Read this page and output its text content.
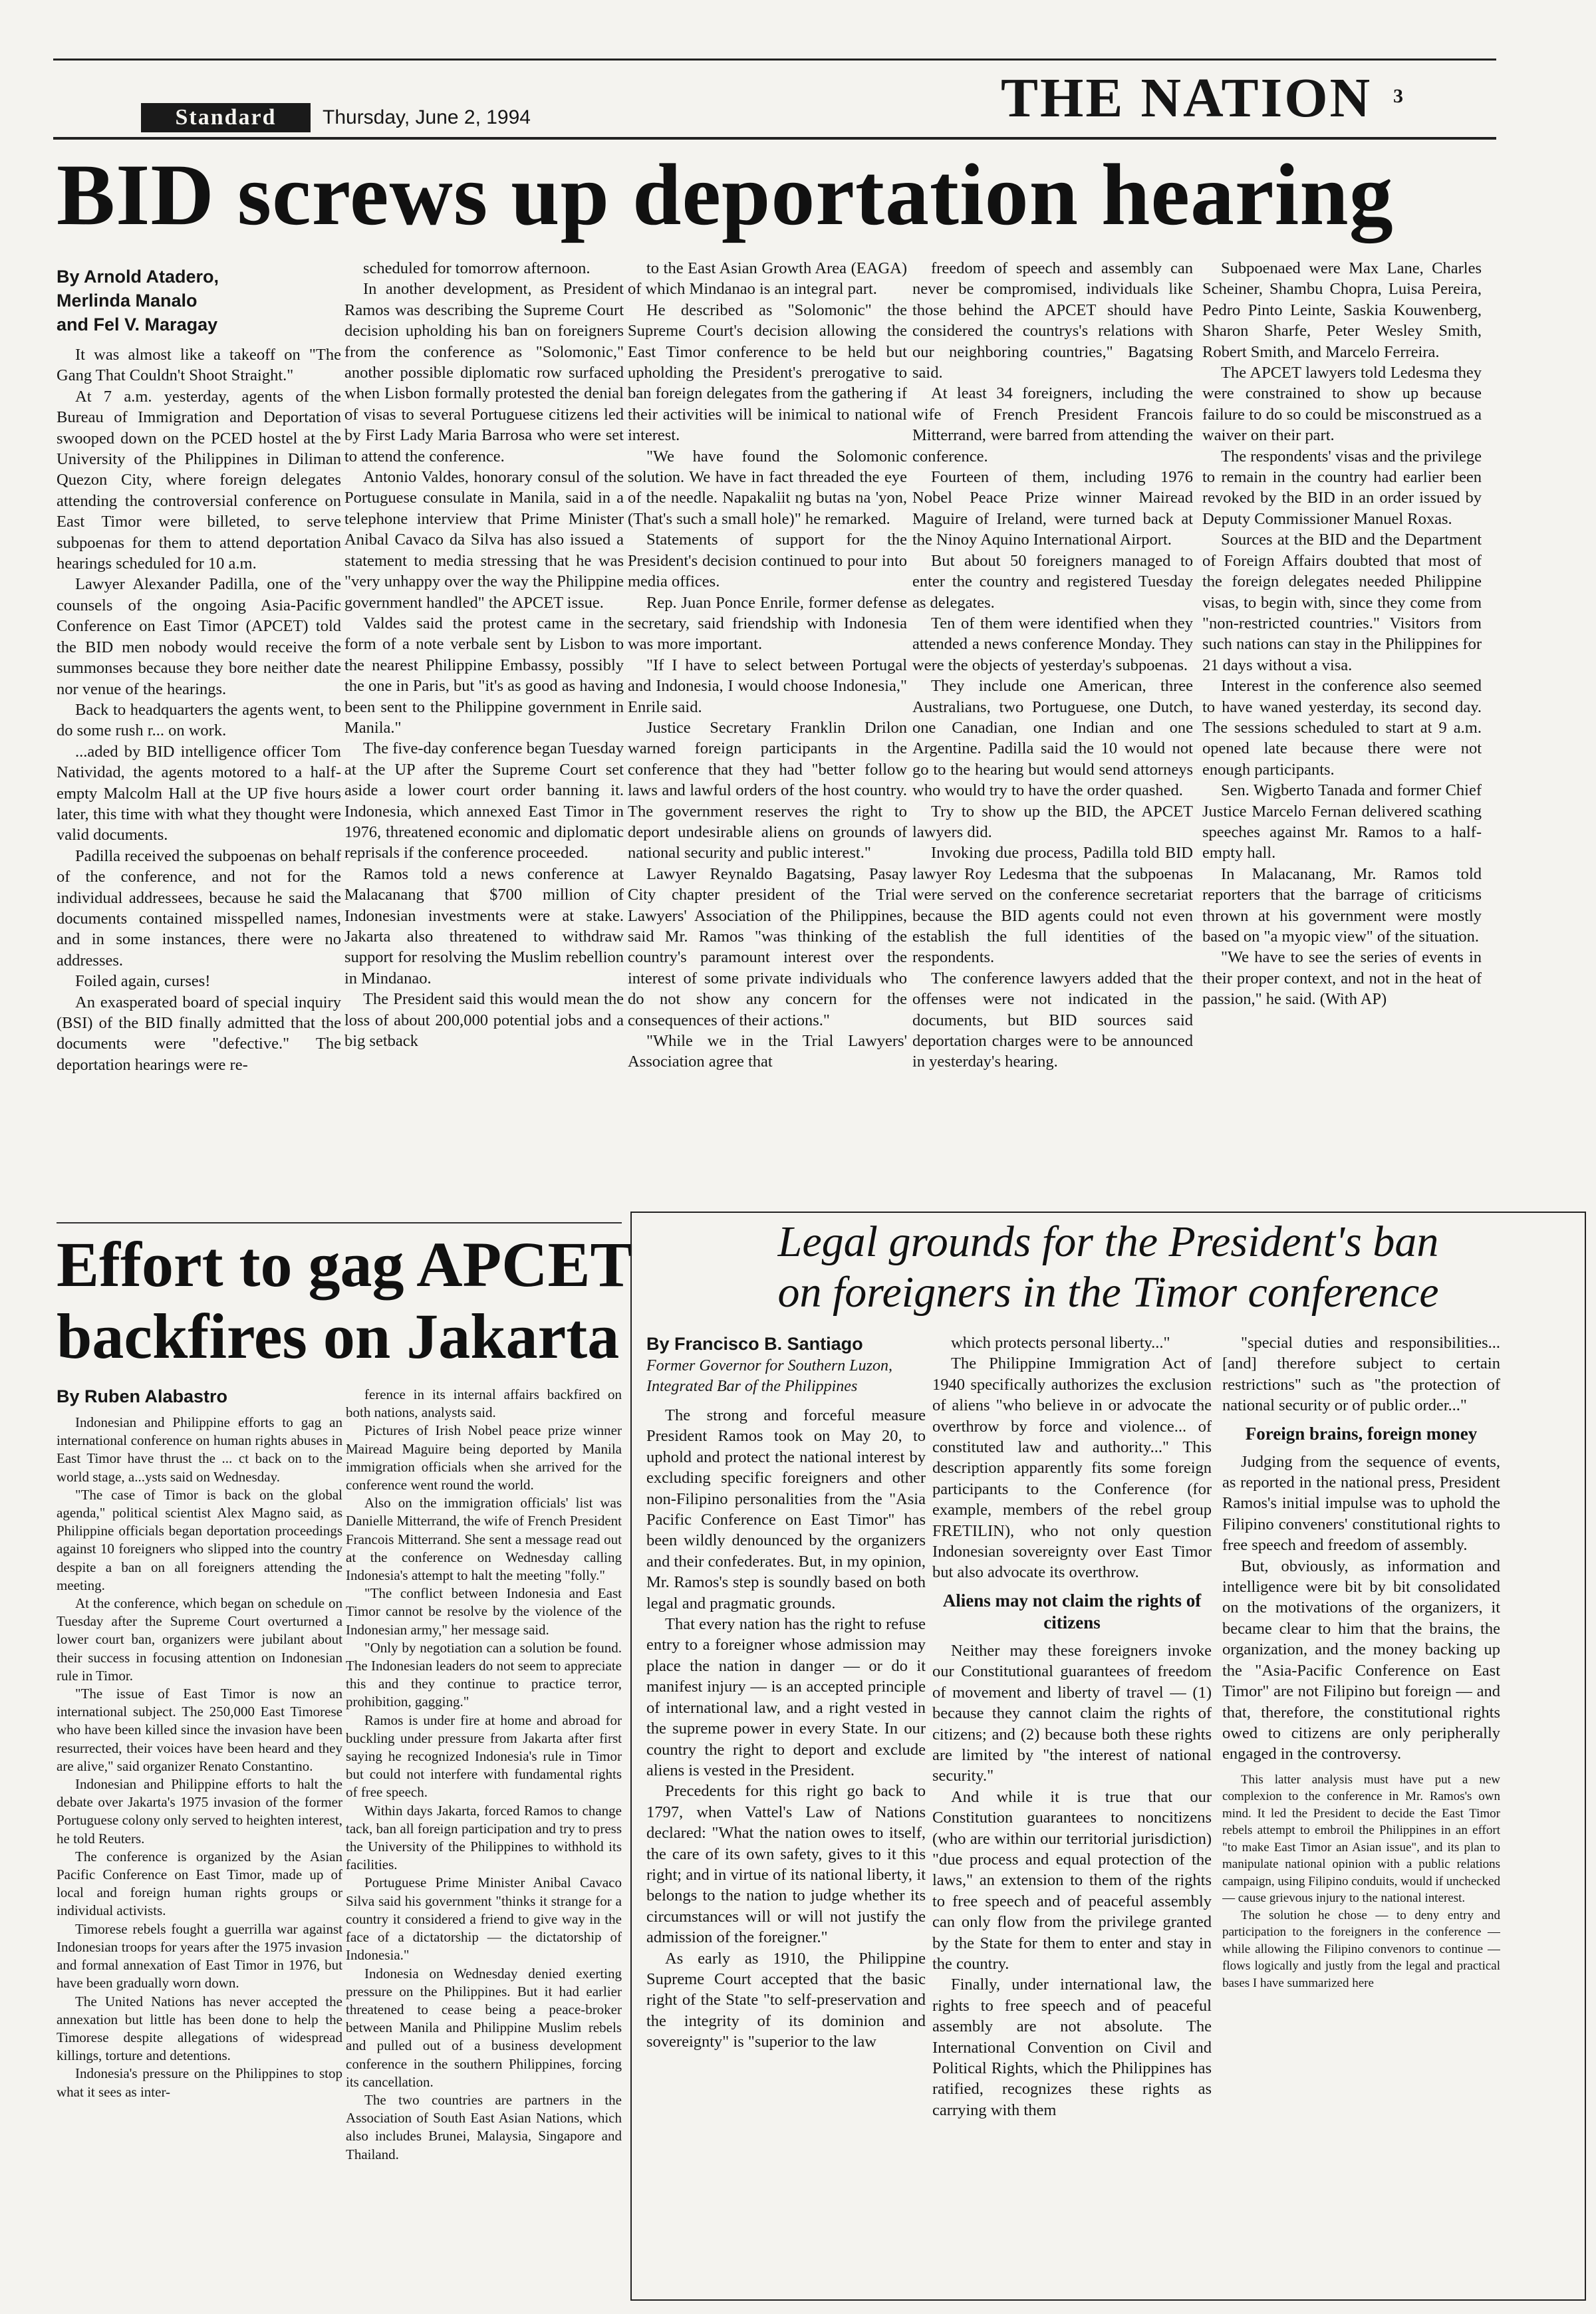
Standard	Thursday, June 2, 1994	THE NATION 3
BID screws up deportation hearing
By Arnold Atadero,
Merlinda Manalo
and Fel V. Maragay

It was almost like a takeoff on "The Gang That Couldn't Shoot Straight."

At 7 a.m. yesterday, agents of the Bureau of Immigration and Deportation swooped down on the PCED hostel at the University of the Philippines in Diliman Quezon City, where foreign delegates attending the controversial conference on East Timor were billeted, to serve subpoenas for them to attend deportation hearings scheduled for 10 a.m.

Lawyer Alexander Padilla, one of the counsels of the ongoing Asia-Pacific Conference on East Timor (APCET) told the BID men nobody would receive the summonses because they bore neither date nor venue of the hearings.

Back to headquarters the agents went, to do some rush r... on work.

...aded by BID intelligence officer Tom Natividad, the agents motored to a half-empty Malcolm Hall at the UP five hours later, this time with what they thought were valid documents.

Padilla received the subpoenas on behalf of the conference, and not for the individual addressees, because he said the documents contained misspelled names, and in some instances, there were no addresses.

Foiled again, curses!

An exasperated board of special inquiry (BSI) of the BID finally admitted that the documents were "defective." The deportation hearings were re-

scheduled for tomorrow afternoon.

In another development, as President Ramos was describing the Supreme Court decision upholding his ban on foreigners from the conference as "Solomonic," another possible diplomatic row surfaced when Lisbon formally protested the denial of visas to several Portuguese citizens led by First Lady Maria Barrosa who were set to attend the conference.

Antonio Valdes, honorary consul of the Portuguese consulate in Manila, said in a telephone interview that Prime Minister Anibal Cavaco da Silva has also issued a statement to media stressing that he was "very unhappy over the way the Philippine government handled" the APCET issue.

Valdes said the protest came in the form of a note verbale sent by Lisbon to the nearest Philippine Embassy, possibly the one in Paris, but "it's as good as having been sent to the Philippine government in Manila."

The five-day conference began Tuesday at the UP after the Supreme Court set aside a lower court order banning it. Indonesia, which annexed East Timor in 1976, threatened economic and diplomatic reprisals if the conference proceeded.

Ramos told a news conference at Malacanang that $700 million of Indonesian investments were at stake. Jakarta also threatened to withdraw support for resolving the Muslim rebellion in Mindanao.

The President said this would mean the loss of about 200,000 potential jobs and a big setback

to the East Asian Growth Area (EAGA) of which Mindanao is an integral part.

He described as "Solomonic" the Supreme Court's decision allowing the East Timor conference to be held but upholding the President's prerogative to ban foreign delegates from the gathering if their activities will be inimical to national interest.

"We have found the Solomonic solution. We have in fact threaded the eye of the needle. Napakaliit ng butas na 'yon, (That's such a small hole)" he remarked.

Statements of support for the President's decision continued to pour into media offices.

Rep. Juan Ponce Enrile, former defense secretary, said friendship with Indonesia was more important.

"If I have to select between Portugal and Indonesia, I would choose Indonesia," Enrile said.

Justice Secretary Franklin Drilon warned foreign participants in the conference that they had "better follow laws and lawful orders of the host country. The government reserves the right to deport undesirable aliens on grounds of national security and public interest."

Lawyer Reynaldo Bagatsing, Pasay City chapter president of the Trial Lawyers' Association of the Philippines, said Mr. Ramos "was thinking of the country's paramount interest over the interest of some private individuals who do not show any concern for the consequences of their actions."

"While we in the Trial Lawyers' Association agree that

freedom of speech and assembly can never be compromised, individuals like those behind the APCET should have considered the countrys's relations with our neighboring countries," Bagatsing said.

At least 34 foreigners, including the wife of French President Francois Mitterrand, were barred from attending the conference.

Fourteen of them, including 1976 Nobel Peace Prize winner Mairead Maguire of Ireland, were turned back at the Ninoy Aquino International Airport.

But about 50 foreigners managed to enter the country and registered Tuesday as delegates.

Ten of them were identified when they attended a news conference Monday. They were the objects of yesterday's subpoenas.

They include one American, three Australians, two Portuguese, one Dutch, one Canadian, one Indian and one Argentine. Padilla said the 10 would not go to the hearing but would send attorneys who would try to have the order quashed.

Try to show up the BID, the APCET lawyers did.

Invoking due process, Padilla told BID lawyer Roy Ledesma that the subpoenas were served on the conference secretariat because the BID agents could not even establish the full identities of the respondents.

The conference lawyers added that the offenses were not indicated in the documents, but BID sources said deportation charges were to be announced in yesterday's hearing.

Subpoenaed were Max Lane, Charles Scheiner, Shambu Chopra, Luisa Pereira, Pedro Pinto Leinte, Saskia Kouwenberg, Sharon Sharfe, Peter Wesley Smith, Robert Smith, and Marcelo Ferreira.

The APCET lawyers told Ledesma they were constrained to show up because failure to do so could be misconstrued as a waiver on their part.

The respondents' visas and the privilege to remain in the country had earlier been revoked by the BID in an order issued by Deputy Commissioner Manuel Roxas.

Sources at the BID and the Department of Foreign Affairs doubted that most of the foreign delegates needed Philippine visas, to begin with, since they come from "non-restricted countries." Visitors from such nations can stay in the Philippines for 21 days without a visa.

Interest in the conference also seemed to have waned yesterday, its second day. The sessions scheduled to start at 9 a.m. opened late because there were not enough participants.

Sen. Wigberto Tanada and former Chief Justice Marcelo Fernan delivered scathing speeches against Mr. Ramos to a half-empty hall.

In Malacanang, Mr. Ramos told reporters that the barrage of criticisms thrown at his government were mostly based on "a myopic view" of the situation.

"We have to see the series of events in their proper context, and not in the heat of passion," he said. (With AP)

Effort to gag APCET
backfires on Jakarta
By Ruben Alabastro

Indonesian and Philippine efforts to gag an international conference on human rights abuses in East Timor have thrust the ... ct back on to the world stage, a...ysts said on Wednesday.

"The case of Timor is back on the global agenda," political scientist Alex Magno said, as Philippine officials began deportation proceedings against 10 foreigners who slipped into the country despite a ban on all foreigners attending the meeting.

At the conference, which began on schedule on Tuesday after the Supreme Court overturned a lower court ban, organizers were jubilant about their success in focusing attention on Indonesian rule in Timor.

"The issue of East Timor is now an international subject. The 250,000 East Timorese who have been killed since the invasion have been resurrected, their voices have been heard and they are alive," said organizer Renato Constantino.

Indonesian and Philippine efforts to halt the debate over Jakarta's 1975 invasion of the former Portuguese colony only served to heighten interest, he told Reuters.

The conference is organized by the Asian Pacific Conference on East Timor, made up of local and foreign human rights groups or individual activists.

Timorese rebels fought a guerrilla war against Indonesian troops for years after the 1975 invasion and formal annexation of East Timor in 1976, but have been gradually worn down.

The United Nations has never accepted the annexation but little has been done to help the Timorese despite allegations of widespread killings, torture and detentions.

Indonesia's pressure on the Philippines to stop what it sees as inter-

ference in its internal affairs backfired on both nations, analysts said.

Pictures of Irish Nobel peace prize winner Mairead Maguire being deported by Manila immigration officials when she arrived for the conference went round the world.

Also on the immigration officials' list was Danielle Mitterrand, the wife of French President Francois Mitterrand. She sent a message read out at the conference on Wednesday calling Indonesia's attempt to halt the meeting "folly."

"The conflict between Indonesia and East Timor cannot be resolve by the violence of the Indonesian army," her message said.

"Only by negotiation can a solution be found. The Indonesian leaders do not seem to appreciate this and they continue to practice terror, prohibition, gagging."

Ramos is under fire at home and abroad for buckling under pressure from Jakarta after first saying he recognized Indonesia's rule in Timor but could not interfere with fundamental rights of free speech.

Within days Jakarta, forced Ramos to change tack, ban all foreign participation and try to press the University of the Philippines to withhold its facilities.

Portuguese Prime Minister Anibal Cavaco Silva said his government "thinks it strange for a country it considered a friend to give way in the face of a dictatorship — the dictatorship of Indonesia."

Indonesia on Wednesday denied exerting pressure on the Philippines. But it had earlier threatened to cease being a peace-broker between Manila and Philippine Muslim rebels and pulled out of a business development conference in the southern Philippines, forcing its cancellation.

The two countries are partners in the Association of South East Asian Nations, which also includes Brunei, Malaysia, Singapore and Thailand.

Legal grounds for the President's ban
on foreigners in the Timor conference
By Francisco B. Santiago
Former Governor for Southern Luzon,
Integrated Bar of the Philippines

The strong and forceful measure President Ramos took on May 20, to uphold and protect the national interest by excluding specific foreigners and other non-Filipino personalities from the "Asia Pacific Conference on East Timor" has been wildly denounced by the organizers and their confederates. But, in my opinion, Mr. Ramos's step is soundly based on both legal and pragmatic grounds.

That every nation has the right to refuse entry to a foreigner whose admission may place the nation in danger — or do it manifest injury — is an accepted principle of international law, and a right vested in the supreme power in every State. In our country the right to deport and exclude aliens is vested in the President.

Precedents for this right go back to 1797, when Vattel's Law of Nations declared: "What the nation owes to itself, the care of its own safety, gives to it this right; and in virtue of its national liberty, it belongs to the nation to judge whether its circumstances will or will not justify the admission of the foreigner."

As early as 1910, the Philippine Supreme Court accepted that the basic right of the State "to self-preservation and the integrity of its dominion and sovereignty" is "superior to the law

which protects personal liberty..."

The Philippine Immigration Act of 1940 specifically authorizes the exclusion of aliens "who believe in or advocate the overthrow by force and violence... of constituted law and authority..." This description apparently fits some foreign participants to the Conference (for example, members of the rebel group FRETILIN), who not only question Indonesian sovereignty over East Timor but also advocate its overthrow.

Aliens may not claim the rights of citizens

Neither may these foreigners invoke our Constitutional guarantees of freedom of movement and liberty of travel — (1) because they cannot claim the rights of citizens; and (2) because both these rights are limited by "the interest of national security."

And while it is true that our Constitution guarantees to noncitizens (who are within our territorial jurisdiction) "due process and equal protection of the laws," an extension to them of the rights to free speech and of peaceful assembly can only flow from the privilege granted by the State for them to enter and stay in the country.

Finally, under international law, the rights to free speech and of peaceful assembly are not absolute. The International Convention on Civil and Political Rights, which the Philippines has ratified, recognizes these rights as carrying with them

"special duties and responsibilities... [and] therefore subject to certain restrictions" such as "the protection of national security or of public order..."

Foreign brains, foreign money

Judging from the sequence of events, as reported in the national press, President Ramos's initial impulse was to uphold the Filipino conveners' constitutional rights to free speech and freedom of assembly.

But, obviously, as information and intelligence were bit by bit consolidated on the motivations of the organizers, it became clear to him that the brains, the organization, and the money backing up the "Asia-Pacific Conference on East Timor" are not Filipino but foreign — and that, therefore, the constitutional rights owed to citizens are only peripherally engaged in the controversy.

This latter analysis must have put a new complexion to the conference in Mr. Ramos's own mind. It led the President to decide the East Timor rebels attempt to embroil the Philippines in an effort "to make East Timor an Asian issue", and its plan to manipulate national opinion with a public relations campaign, using Filipino conduits, would if unchecked — cause grievous injury to the national interest.

The solution he chose — to deny entry and participation to the foreigners in the conference — while allowing the Filipino convenors to continue — flows logically and justly from the legal and practical bases I have summarized here
